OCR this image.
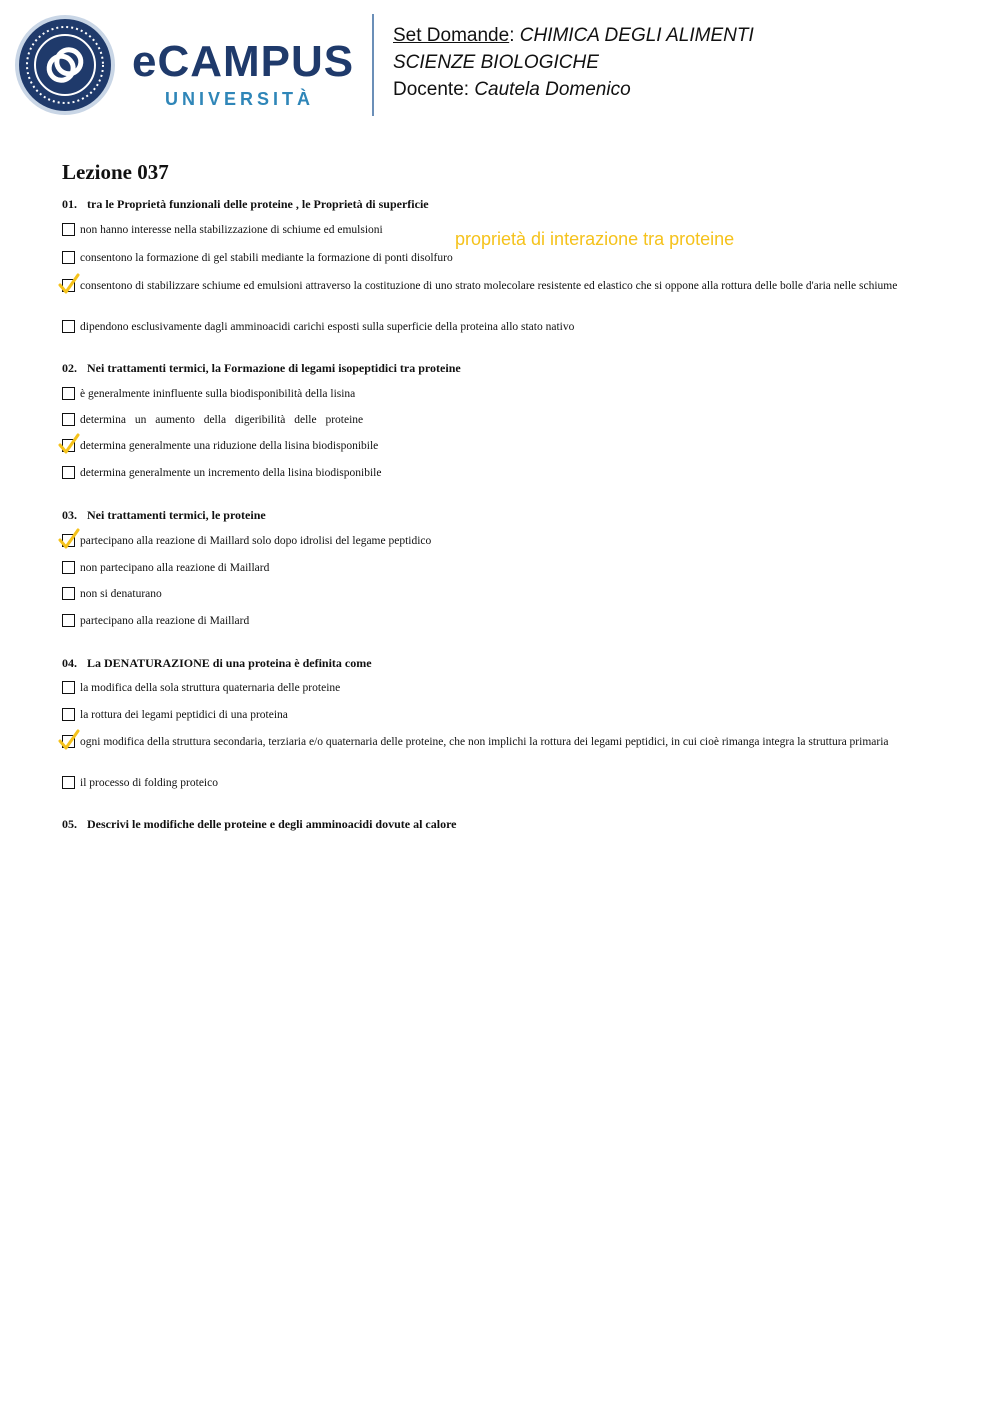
eCAMPUS
UNIVERSITÀ
Set Domande: CHIMICA DEGLI ALIMENTI
SCIENZE BIOLOGICHE
Docente: Cautela Domenico
Lezione 037
proprietà di interazione tra proteine
01. tra le Proprietà funzionali delle proteine , le Proprietà di superficie
non hanno interesse nella stabilizzazione di schiume ed emulsioni
consentono la formazione di gel stabili mediante la formazione di ponti disolfuro
consentono di stabilizzare schiume ed emulsioni attraverso la costituzione di uno strato molecolare resistente ed elastico che si oppone alla rottura delle bolle d'aria nelle schiume
dipendono esclusivamente dagli amminoacidi carichi esposti sulla superficie della proteina allo stato nativo
02. Nei trattamenti termici, la Formazione di legami isopeptidici tra proteine
è generalmente ininfluente sulla biodisponibilità della lisina
determina un aumento della digeribilità delle proteine
determina generalmente una riduzione della lisina biodisponibile
determina generalmente un incremento della lisina biodisponibile
03. Nei trattamenti termici, le proteine
partecipano alla reazione di Maillard solo dopo idrolisi del legame peptidico
non partecipano alla reazione di Maillard
non si denaturano
partecipano alla reazione di Maillard
04. La DENATURAZIONE di una proteina è definita come
la modifica della sola struttura quaternaria delle proteine
la rottura dei legami peptidici di una proteina
ogni modifica della struttura secondaria, terziaria e/o quaternaria delle proteine, che non implichi la rottura dei legami peptidici, in cui cioè rimanga integra la struttura primaria
il processo di folding proteico
05. Descrivi le modifiche delle proteine e degli amminoacidi dovute al calore
